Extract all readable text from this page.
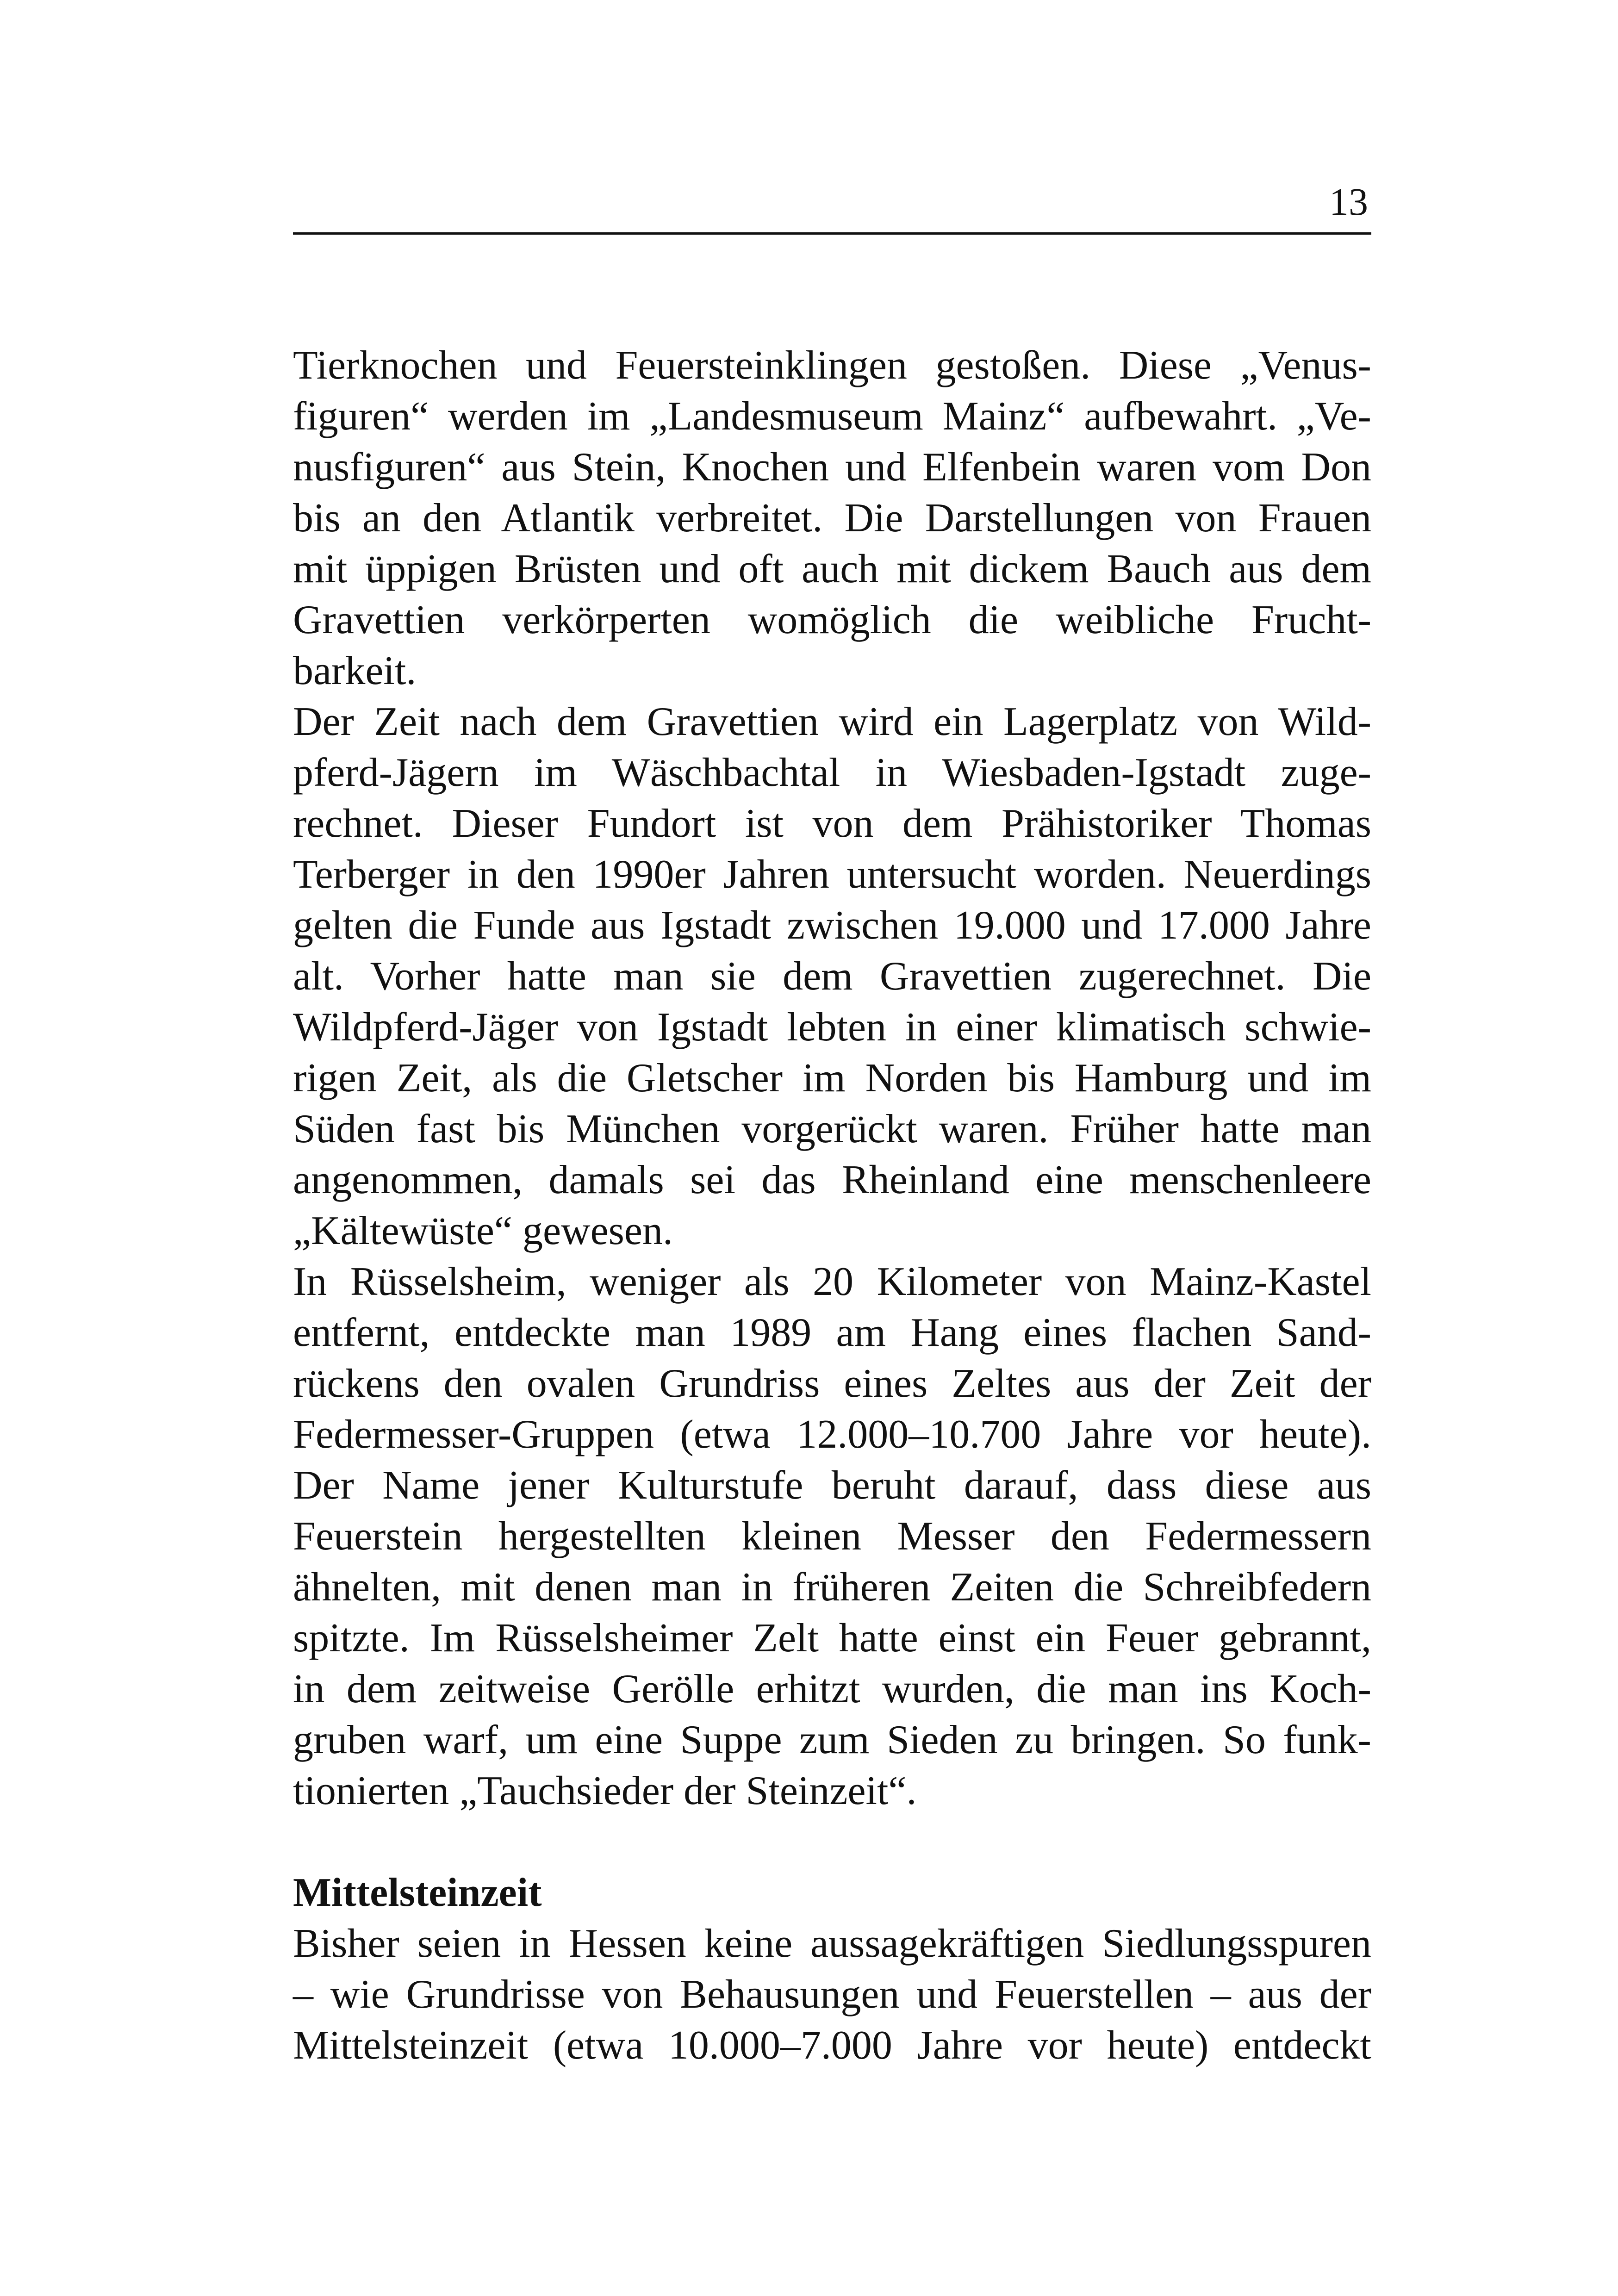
13
Tierknochen und Feuersteinklingen gestoßen. Diese „Venus-
figuren“ werden im „Landesmuseum Mainz“ aufbewahrt. „Ve-
nusfiguren“ aus Stein, Knochen und Elfenbein waren vom Don
bis an den Atlantik verbreitet. Die Darstellungen von Frauen
mit üppigen Brüsten und oft auch mit dickem Bauch aus dem
Gravettien verkörperten womöglich die weibliche Frucht-
barkeit.
Der Zeit nach dem Gravettien wird ein Lagerplatz von Wild-
pferd-Jägern im Wäschbachtal in Wiesbaden-Igstadt zuge-
rechnet. Dieser Fundort ist von dem Prähistoriker Thomas
Terberger in den 1990er Jahren untersucht worden. Neuerdings
gelten die Funde aus Igstadt zwischen 19.000 und 17.000 Jahre
alt. Vorher hatte man sie dem Gravettien zugerechnet. Die
Wildpferd-Jäger von Igstadt lebten in einer klimatisch schwie-
rigen Zeit, als die Gletscher im Norden bis Hamburg und im
Süden fast bis München vorgerückt waren. Früher hatte man
angenommen, damals sei das Rheinland eine menschenleere
„Kältewüste“ gewesen.
In Rüsselsheim, weniger als 20 Kilometer von Mainz-Kastel
entfernt, entdeckte man 1989 am Hang eines flachen Sand-
rückens den ovalen Grundriss eines Zeltes aus der Zeit der
Federmesser-Gruppen (etwa 12.000–10.700 Jahre vor heute).
Der Name jener Kulturstufe beruht darauf, dass diese aus
Feuerstein hergestellten kleinen Messer den Federmessern
ähnelten, mit denen man in früheren Zeiten die Schreibfedern
spitzte. Im Rüsselsheimer Zelt hatte einst ein Feuer gebrannt,
in dem zeitweise Gerölle erhitzt wurden, die man ins Koch-
gruben warf, um eine Suppe zum Sieden zu bringen. So funk-
tionierten „Tauchsieder der Steinzeit“.
Mittelsteinzeit
Bisher seien in Hessen keine aussagekräftigen Siedlungsspuren
– wie Grundrisse von Behausungen und Feuerstellen – aus der
Mittelsteinzeit (etwa 10.000–7.000 Jahre vor heute) entdeckt
